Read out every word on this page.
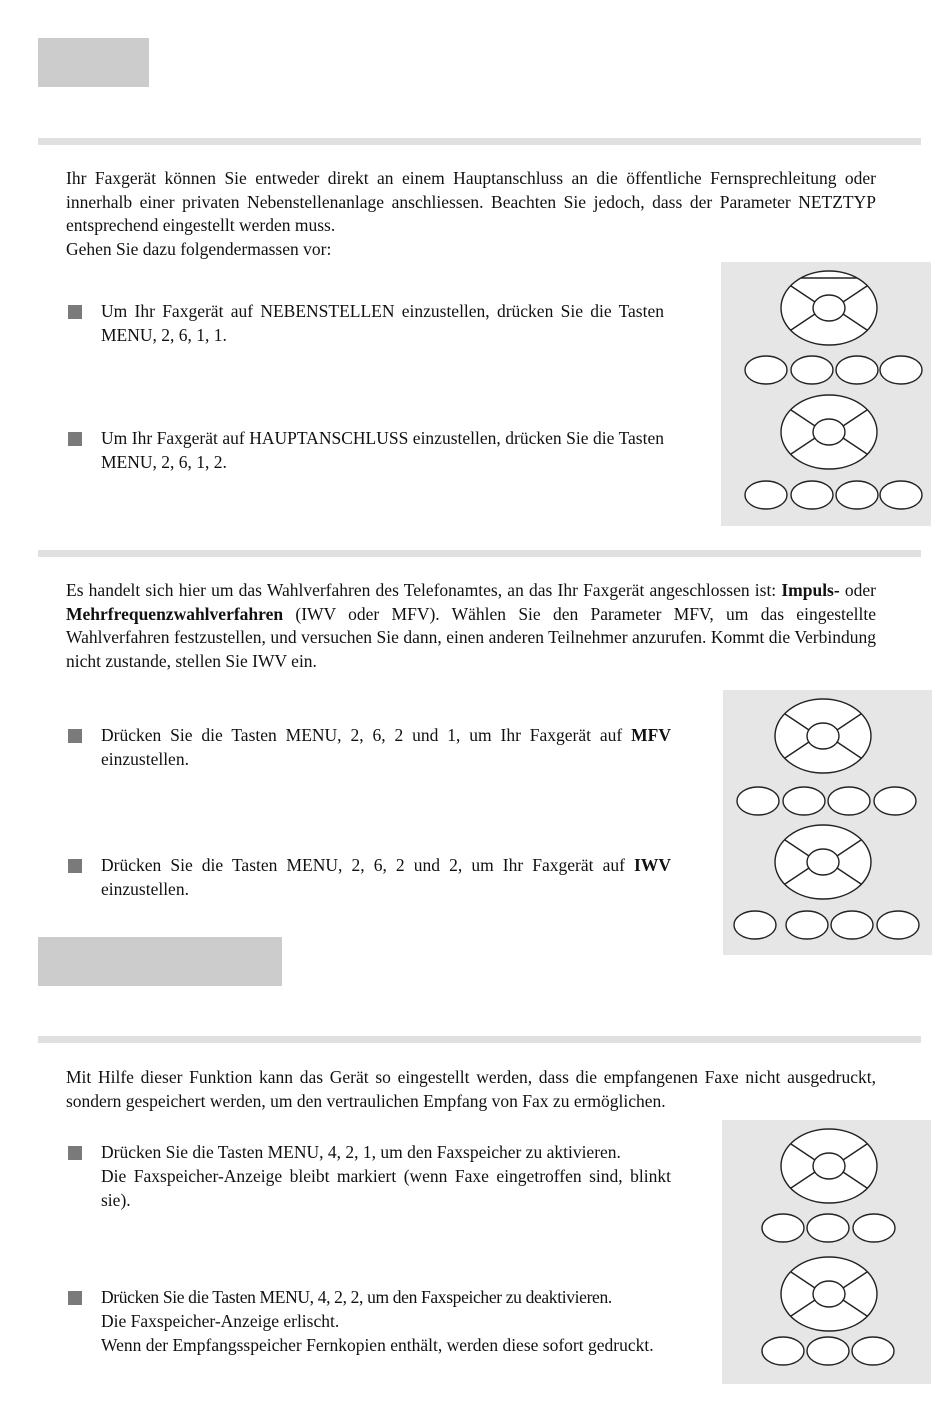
Ihr Faxgerät können Sie entweder direkt an einem Hauptanschluss an die öffentliche Fernsprechleitung oder innerhalb einer privaten Nebenstellenanlage anschliessen. Beachten Sie jedoch, dass der Parameter NETZTYP entsprechend eingestellt werden muss.

Gehen Sie dazu folgendermassen vor:

Um Ihr Faxgerät auf NEBENSTELLEN einzustellen, drücken Sie die Tasten MENU, 2, 6, 1, 1.
Um Ihr Faxgerät auf HAUPTANSCHLUSS einzustellen, drücken Sie die Tasten MENU, 2, 6, 1, 2.

Es handelt sich hier um das Wahlverfahren des Telefonamtes, an das Ihr Faxgerät angeschlossen ist: Impuls- oder Mehrfrequenzwahlverfahren (IWV oder MFV). Wählen Sie den Parameter MFV, um das eingestellte Wahlverfahren festzustellen, und versuchen Sie dann, einen anderen Teilnehmer anzurufen. Kommt die Verbindung nicht zustande, stellen Sie IWV ein.

Drücken Sie die Tasten MENU, 2, 6, 2 und 1, um Ihr Faxgerät auf MFV einzustellen.
Drücken Sie die Tasten MENU, 2, 6, 2 und 2, um Ihr Faxgerät auf IWV einzustellen.

Mit Hilfe dieser Funktion kann das Gerät so eingestellt werden, dass die empfangenen Faxe nicht ausgedruckt, sondern gespeichert werden, um den vertraulichen Empfang von Fax zu ermöglichen.

Drücken Sie die Tasten MENU, 4, 2, 1, um den Faxspeicher zu aktivieren.
Die Faxspeicher-Anzeige bleibt markiert (wenn Faxe eingetroffen sind, blinkt sie).
Drücken Sie die Tasten MENU, 4, 2, 2, um den Faxspeicher zu deaktivieren.
Die Faxspeicher-Anzeige erlischt.
Wenn der Empfangsspeicher Fernkopien enthält, werden diese sofort gedruckt.
